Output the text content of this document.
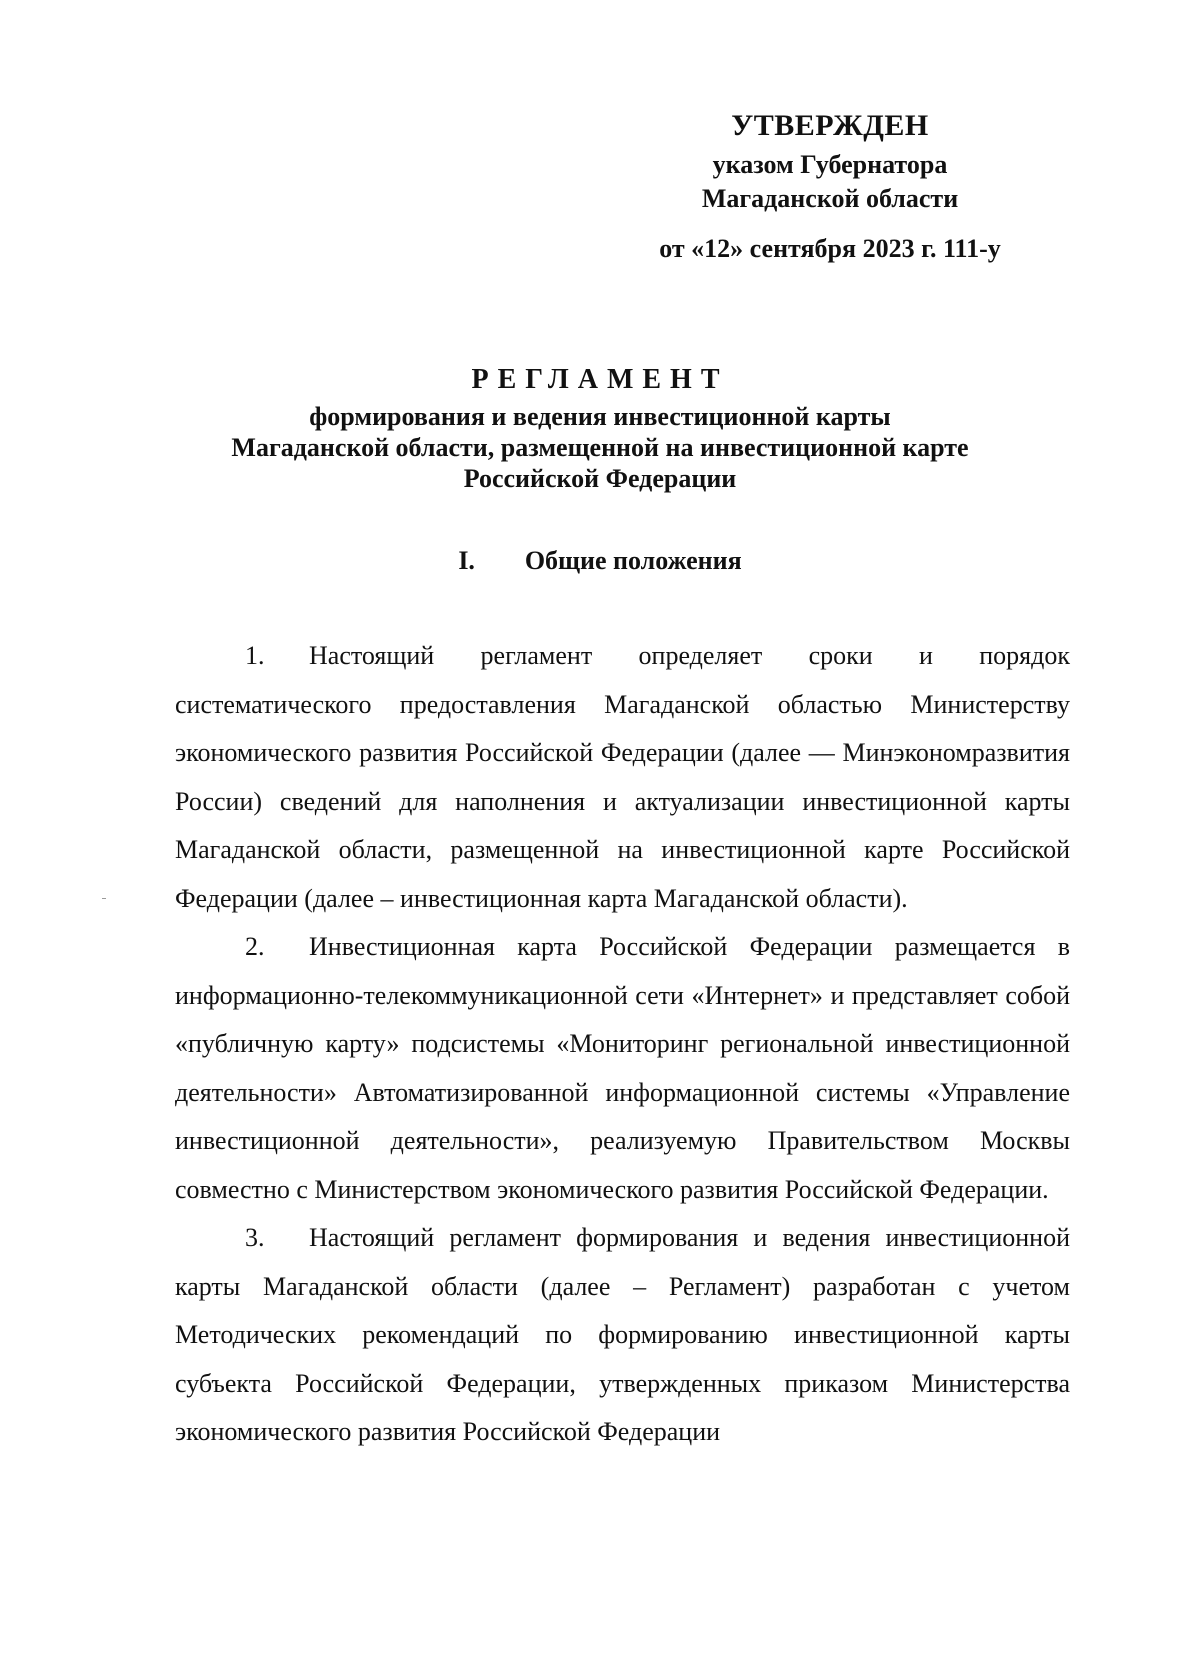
УТВЕРЖДЕН
указом Губернатора
Магаданской области
от «12» сентября 2023 г. 111-у
РЕГЛАМЕНТ
формирования и ведения инвестиционной карты
Магаданской области, размещенной на инвестиционной карте
Российской Федерации
I. Общие положения

1. Настоящий регламент определяет сроки и порядок систематического предоставления Магаданской областью Министерству экономического развития Российской Федерации (далее — Минэкономразвития России) сведений для наполнения и актуализации инвестиционной карты Магаданской области, размещенной на инвестиционной карте Российской Федерации (далее – инвестиционная карта Магаданской области).

2. Инвестиционная карта Российской Федерации размещается в информационно-телекоммуникационной сети «Интернет» и представляет собой «публичную карту» подсистемы «Мониторинг региональной инвестиционной деятельности» Автоматизированной информационной системы «Управление инвестиционной деятельности», реализуемую Правительством Москвы совместно с Министерством экономического развития Российской Федерации.

3. Настоящий регламент формирования и ведения инвестиционной карты Магаданской области (далее – Регламент) разработан с учетом Методических рекомендаций по формированию инвестиционной карты субъекта Российской Федерации, утвержденных приказом Министерства экономического развития Российской Федерации
